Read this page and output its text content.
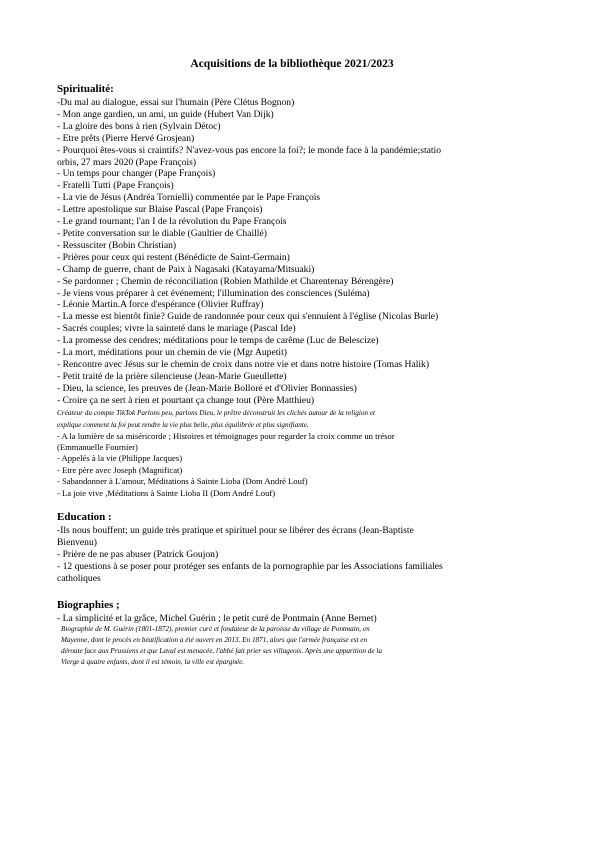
Acquisitions de la bibliothèque 2021/2023
Spiritualité:
-Du mal au dialogue, essai sur l'humain (Père Clétus Bognon)
- Mon ange gardien, un ami, un guide (Hubert Van Dijk)
- La gloire des bons à rien (Sylvain Détoc)
- Etre prêts (Pierre Hervé Grosjean)
- Pourquoi êtes-vous si craintifs? N'avez-vous pas encore la foi?; le monde face à la pandémie;statio
orbis, 27 mars 2020 (Pape François)
- Un temps pour changer (Pape François)
- Fratelli Tutti (Pape François)
- La vie de Jésus (Andréa Tornielli) commentée par le Pape François
- Lettre apostolique sur Blaise Pascal (Pape François)
- Le grand tournant; l'an I de la révolution du Pape François
- Petite conversation sur le diable (Gaultier de Chaillé)
- Ressusciter (Bobin Christian)
- Prières pour ceux qui restent (Bénédicte de Saint-Germain)
- Champ de guerre, chant de Paix à Nagasaki (Katayama/Mitsuaki)
- Se pardonner ; Chemin de réconciliation (Robien Mathilde et Charentenay Bérengère)
- Je viens vous préparer à cet événement; l'illumination des consciences (Suléma)
- Léonie Martin.A force d'espérance (Olivier Ruffray)
- La messe est bientôt finie? Guide de randonnée pour ceux qui s'ennuient à l'église (Nicolas Burle)
- Sacrés couples; vivre la sainteté dans le mariage (Pascal Ide)
- La promesse des cendres; méditations pour le temps de carême (Luc de Belescize)
- La mort, méditations pour un chemin de vie (Mgr Aupetit)
- Rencontre avec Jésus sur le chemin de croix dans notre vie et dans notre histoire (Tomas Halik)
- Petit traité de la prière silencieuse (Jean-Marie Gueullette)
- Dieu, la science, les preuves de (Jean-Marie Bolloré et d'Olivier Bonnassies)
- Croire ça ne sert à rien et pourtant ça change tout (Père Matthieu)
Créateur du compte TikTok Parlons peu, parlons Dieu, le prêtre déconstruit les clichés autour de la religion et
explique comment la foi peut rendre la vie plus belle, plus équilibrée et plus signifiante.
- A la lumière de sa miséricorde ; Histoires et témoignages pour regarder la croix comme un trésor
(Emmanuelle Fournier)
- Appelés à la vie (Philippe Jacques)
- Etre père avec Joseph (Magnificat)
- Sabandonner à L'amour, Méditations à Sainte Lioba (Dom André Louf)
- La joie vive ,Méditations à Sainte Lioba II (Dom André Louf)
Education :
-Ils nous bouffent; un guide très pratique et spirituel pour se libérer des écrans (Jean-Baptiste
Bienvenu)
- Prière de ne pas abuser (Patrick Goujon)
- 12 questions à se poser pour protéger ses enfants de la pornographie par les Associations familiales
catholiques
Biographies ;
- La simplicité et la grâce, Michel Guérin ; le petit curé de Pontmain (Anne Bernet)
Biographie de M. Guérin (1801-1872), premier curé et fondateur de la paroisse du village de Pontmain, en
Mayenne, dont le procès en béatification a été ouvert en 2013. En 1871, alors que l'armée française est en
déroute face aux Prussiens et que Laval est menacée, l'abbé fait prier ses villageois. Après une apparition de la
Vierge à quatre enfants, dont il est témoin, la ville est épargnée.
